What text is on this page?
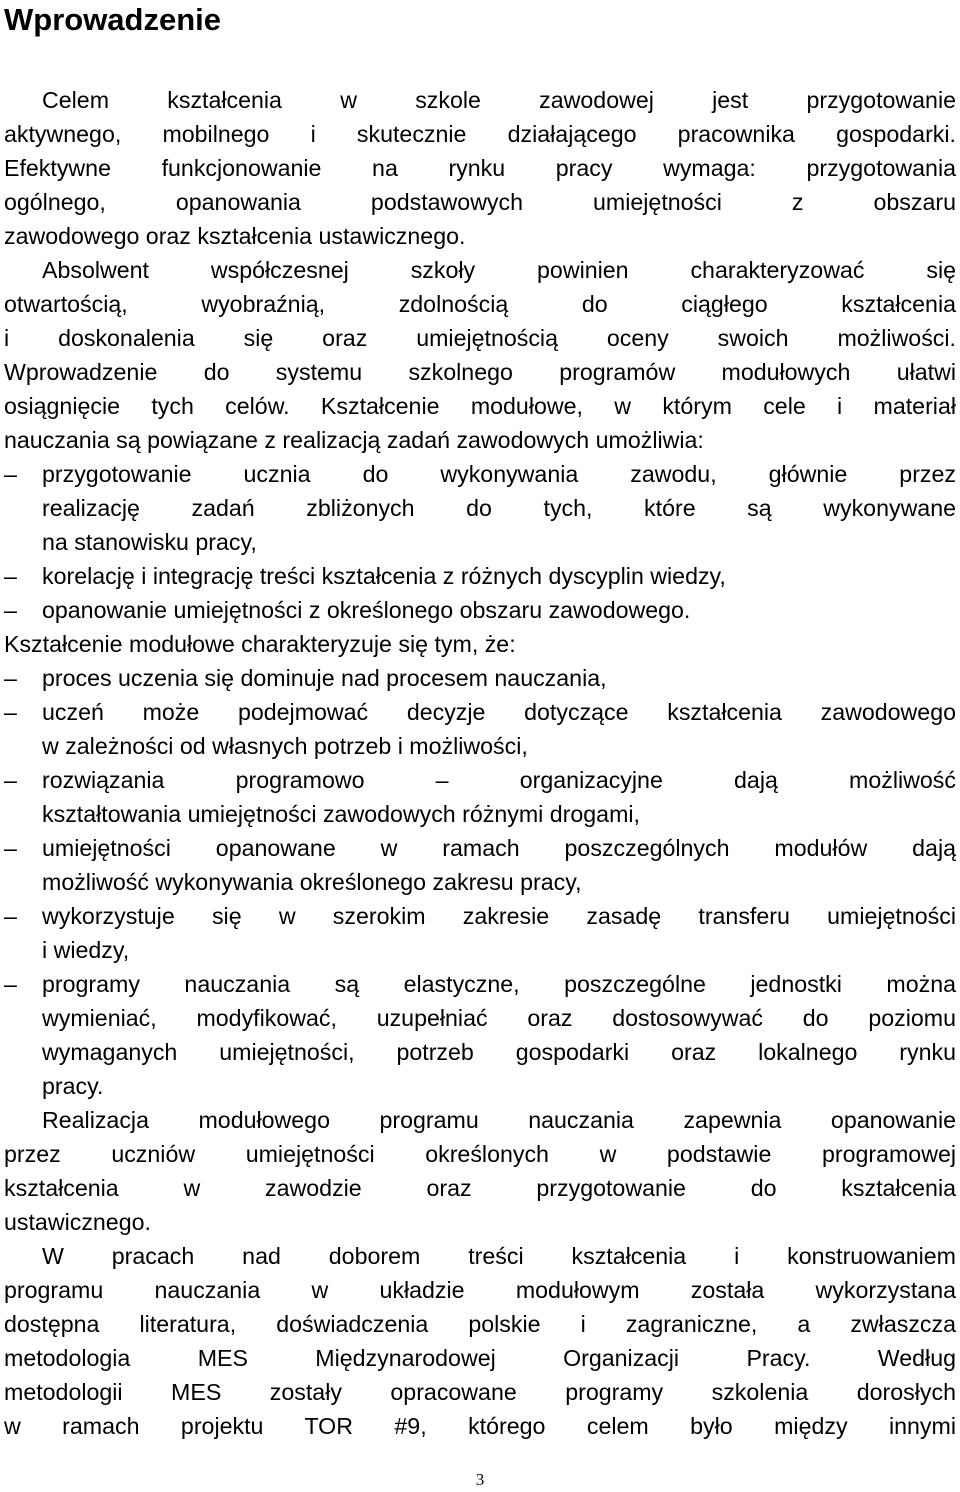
Wprowadzenie
Celem kształcenia w szkole zawodowej jest przygotowanie
aktywnego, mobilnego i skutecznie działającego pracownika gospodarki.
Efektywne funkcjonowanie na rynku pracy wymaga: przygotowania
ogólnego, opanowania podstawowych umiejętności z obszaru
zawodowego oraz kształcenia ustawicznego.
Absolwent współczesnej szkoły powinien charakteryzować się
otwartością, wyobraźnią, zdolnością do ciągłego kształcenia
i doskonalenia się oraz umiejętnością oceny swoich możliwości.
Wprowadzenie do systemu szkolnego programów modułowych ułatwi
osiągnięcie tych celów. Kształcenie modułowe, w którym cele i materiał
nauczania są powiązane z realizacją zadań zawodowych umożliwia:
–	przygotowanie ucznia do wykonywania zawodu, głównie przez
realizację zadań zbliżonych do tych, które są wykonywane
na stanowisku pracy,
–	korelację i integrację treści kształcenia z różnych dyscyplin wiedzy,
–	opanowanie umiejętności z określonego obszaru zawodowego.
Kształcenie modułowe charakteryzuje się tym, że:
–	proces uczenia się dominuje nad procesem nauczania,
–	uczeń może podejmować decyzje dotyczące kształcenia zawodowego
w zależności od własnych potrzeb i możliwości,
–	rozwiązania programowo – organizacyjne dają możliwość
kształtowania umiejętności zawodowych różnymi drogami,
–	umiejętności opanowane w ramach poszczególnych modułów dają
możliwość wykonywania określonego zakresu pracy,
–	wykorzystuje się w szerokim zakresie zasadę transferu umiejętności
i wiedzy,
–	programy nauczania są elastyczne, poszczególne jednostki można
wymieniać, modyfikować, uzupełniać oraz dostosowywać do poziomu
wymaganych umiejętności, potrzeb gospodarki oraz lokalnego rynku
pracy.
Realizacja modułowego programu nauczania zapewnia opanowanie
przez uczniów umiejętności określonych w podstawie programowej
kształcenia w zawodzie oraz przygotowanie do kształcenia
ustawicznego.
W pracach nad doborem treści kształcenia i konstruowaniem
programu nauczania w układzie modułowym została wykorzystana
dostępna literatura, doświadczenia polskie i zagraniczne, a zwłaszcza
metodologia MES Międzynarodowej Organizacji Pracy. Według
metodologii MES zostały opracowane programy szkolenia dorosłych
w ramach projektu TOR #9, którego celem było między innymi
3
